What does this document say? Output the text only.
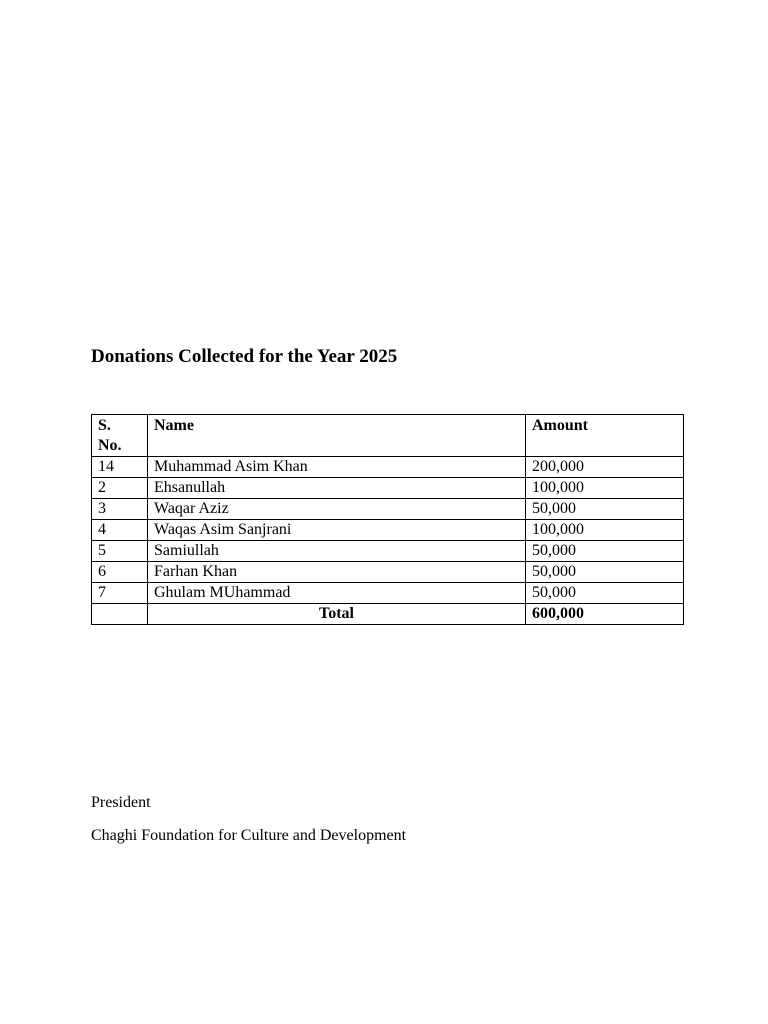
Donations Collected for the Year 2025
S.
No.	Name	Amount
14	Muhammad Asim Khan	200,000
2	Ehsanullah	100,000
3	Waqar Aziz	50,000
4	Waqas Asim Sanjrani	100,000
5	Samiullah	50,000
6	Farhan Khan	50,000
7	Ghulam MUhammad	50,000
	Total	600,000

President

Chaghi Foundation for Culture and Development
